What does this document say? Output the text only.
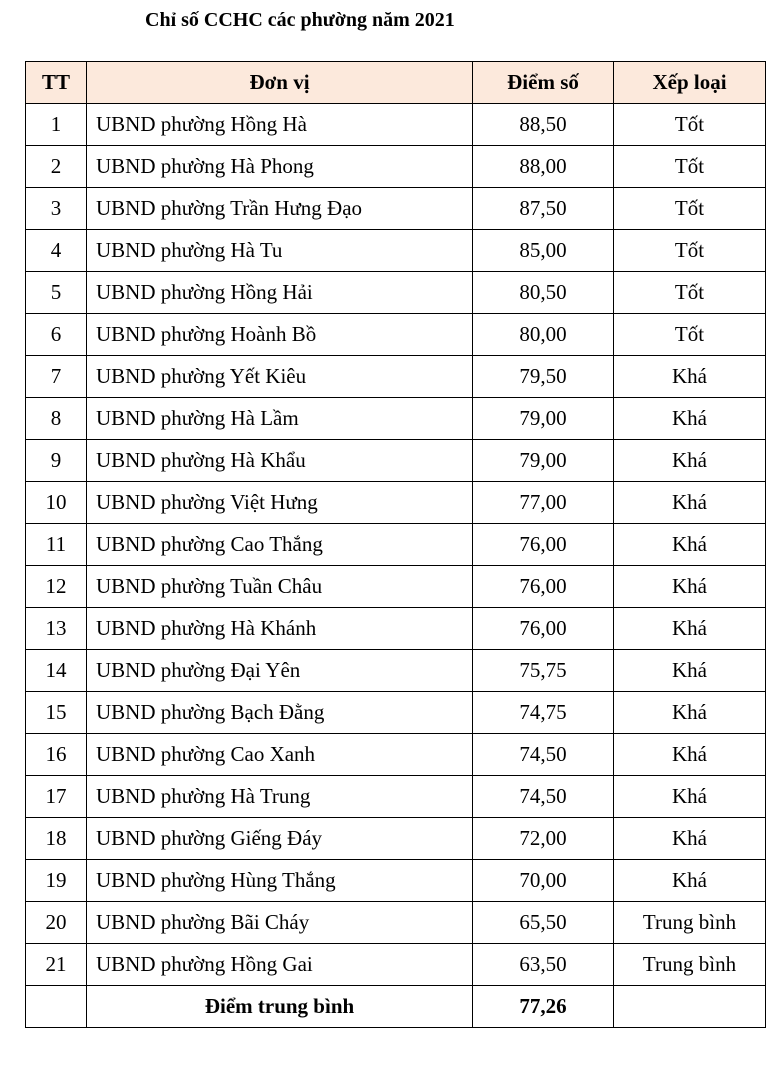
Chỉ số CCHC các phường năm 2021
TT	Đơn vị	Điểm số	Xếp loại
1	UBND phường Hồng Hà	88,50	Tốt
2	UBND phường Hà Phong	88,00	Tốt
3	UBND phường Trần Hưng Đạo	87,50	Tốt
4	UBND phường Hà Tu	85,00	Tốt
5	UBND phường Hồng Hải	80,50	Tốt
6	UBND phường Hoành Bồ	80,00	Tốt
7	UBND phường Yết Kiêu	79,50	Khá
8	UBND phường Hà Lầm	79,00	Khá
9	UBND phường Hà Khẩu	79,00	Khá
10	UBND phường Việt Hưng	77,00	Khá
11	UBND phường Cao Thắng	76,00	Khá
12	UBND phường Tuần Châu	76,00	Khá
13	UBND phường Hà Khánh	76,00	Khá
14	UBND phường Đại Yên	75,75	Khá
15	UBND phường Bạch Đằng	74,75	Khá
16	UBND phường Cao Xanh	74,50	Khá
17	UBND phường Hà Trung	74,50	Khá
18	UBND phường Giếng Đáy	72,00	Khá
19	UBND phường Hùng Thắng	70,00	Khá
20	UBND phường Bãi Cháy	65,50	Trung bình
21	UBND phường Hồng Gai	63,50	Trung bình
	Điểm trung bình	77,26	
